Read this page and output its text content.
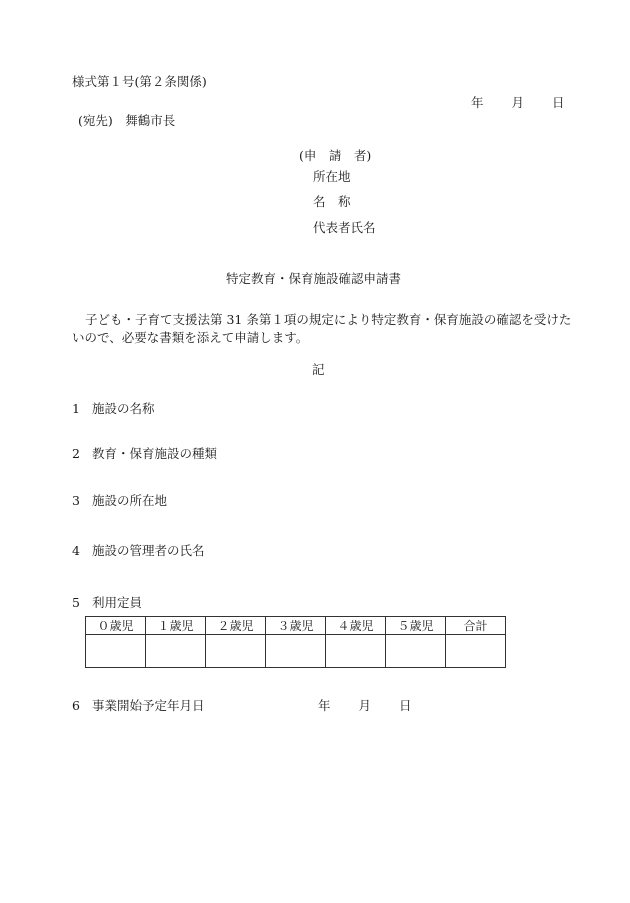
様式第１号(第２条関係)
年 月 日
(宛先)　舞鶴市長
(申　請　者)
所在地
名　称
代表者氏名
特定教育・保育施設確認申請書
子ども・子育て支援法第 31 条第１項の規定により特定教育・保育施設の確認を受けたいので、必要な書類を添えて申請します。
記
1 施設の名称
2 教育・保育施設の種類
3 施設の所在地
4 施設の管理者の氏名
5 利用定員
０歳児	１歳児	２歳児	３歳児	４歳児	５歳児	合計

6 事業開始予定年月日	年 月 日
